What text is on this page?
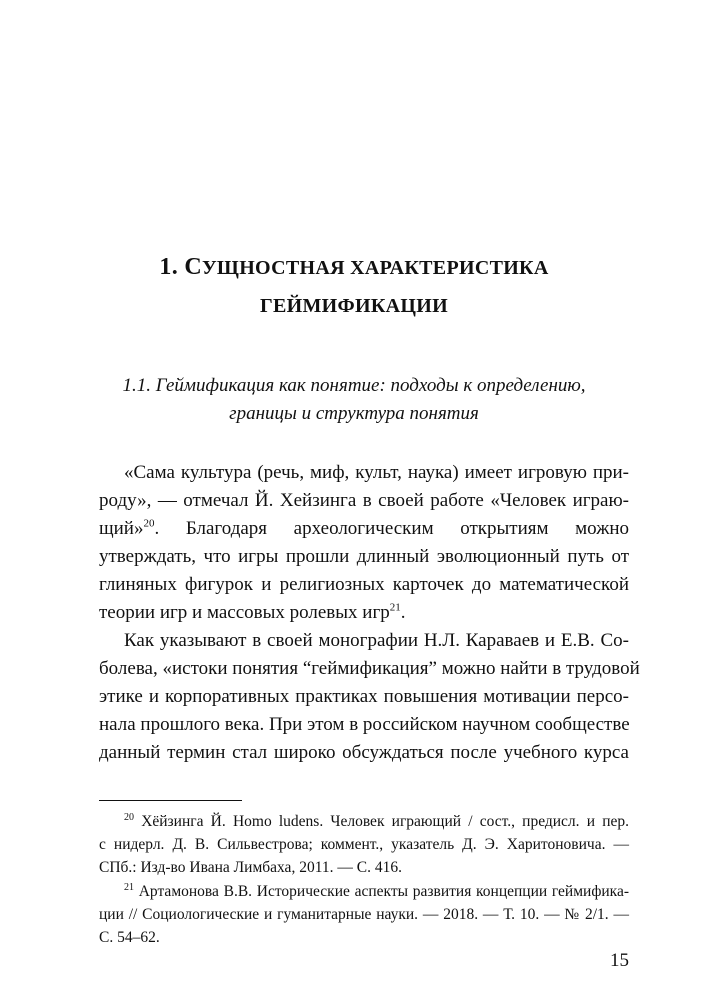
1. СУЩНОСТНАЯ ХАРАКТЕРИСТИКА
ГЕЙМИФИКАЦИИ
1.1. Геймификация как понятие: подходы к определению,
границы и структура понятия
«Сама культура (речь, миф, культ, наука) имеет игровую при-
роду», — отмечал Й. Хейзинга в своей работе «Человек играю-
щий»$^{20}$. Благодаря археологическим открытиям можно
утверждать, что игры прошли длинный эволюционный путь от
глиняных фигурок и религиозных карточек до математической
теории игр и массовых ролевых игр$^{21}$.
Как указывают в своей монографии Н.Л. Караваев и Е.В. Со-
болева, «истоки понятия “геймификация” можно найти в трудовой
этике и корпоративных практиках повышения мотивации персо-
нала прошлого века. При этом в российском научном сообществе
данный термин стал широко обсуждаться после учебного курса
$^{20}$ Хёйзинга Й. Homo ludens. Человек играющий / сост., предисл. и пер.
с нидерл. Д. В. Сильвестрова; коммент., указатель Д. Э. Харитоновича. —
СПб.: Изд-во Ивана Лимбаха, 2011. — С. 416.
$^{21}$ Артамонова В.В. Исторические аспекты развития концепции геймифика-
ции // Социологические и гуманитарные науки. — 2018. — Т. 10. — № 2/1. —
С. 54–62.
15
